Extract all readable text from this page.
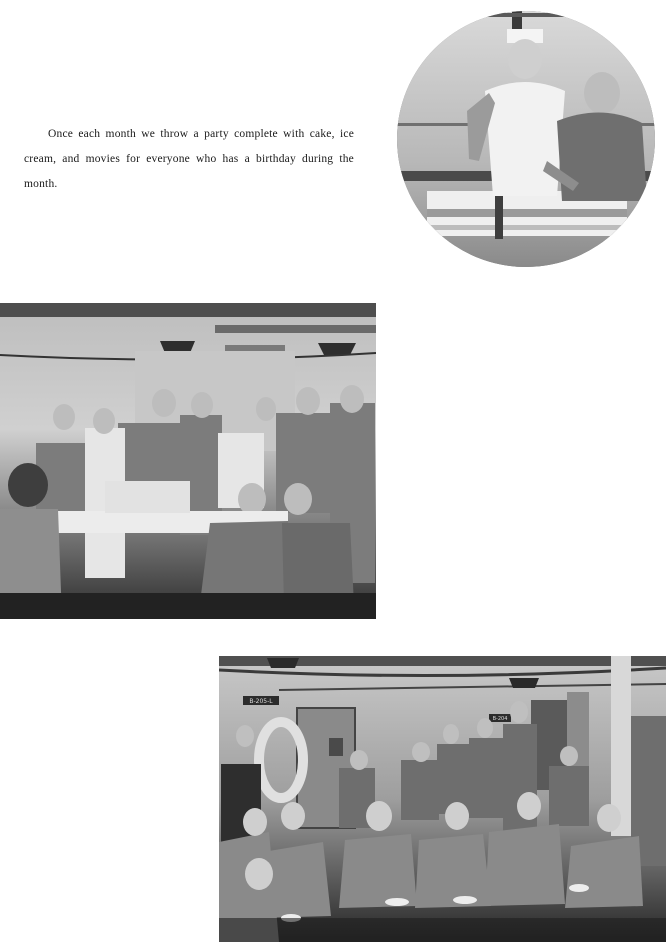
Once each month we throw a party complete with cake, ice cream, and movies for everyone who has a birthday during the month.

B-205-L
B-204
